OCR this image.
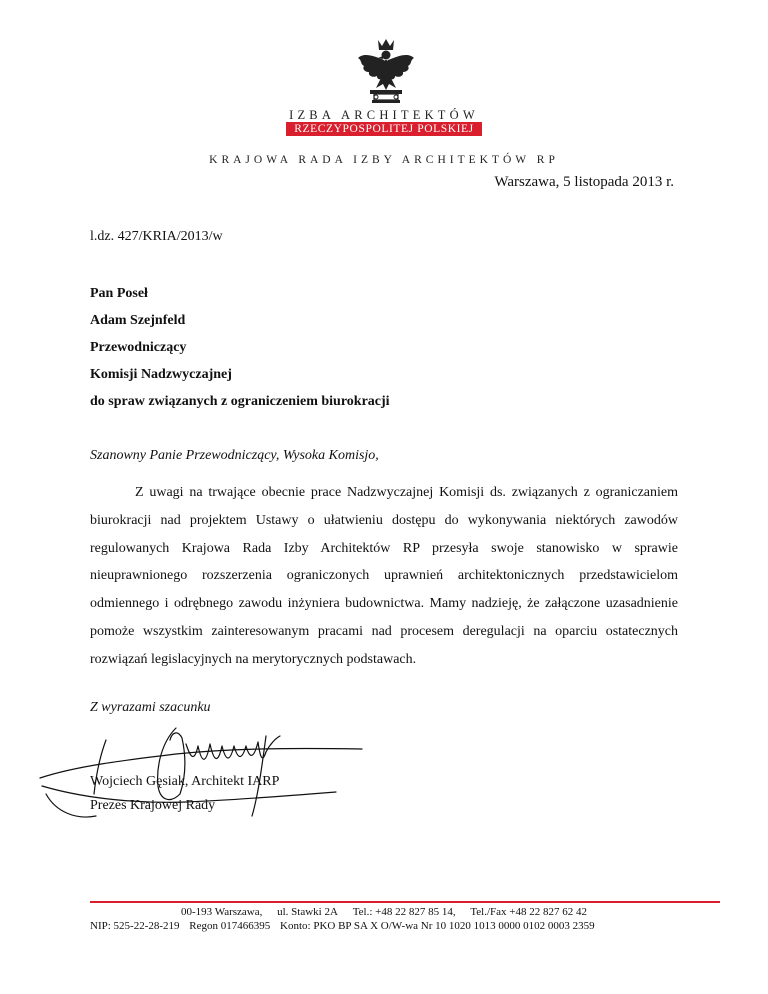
IZBA ARCHITEKTÓW
RZECZYPOSPOLITEJ POLSKIEJ
KRAJOWA RADA IZBY ARCHITEKTÓW RP
Warszawa, 5 listopada 2013 r.
l.dz. 427/KRIA/2013/w
Pan Poseł
Adam Szejnfeld
Przewodniczący
Komisji Nadzwyczajnej
do spraw związanych z ograniczeniem biurokracji
Szanowny Panie Przewodniczący, Wysoka Komisjo,

Z uwagi na trwające obecnie prace Nadzwyczajnej Komisji ds. związanych z ograniczaniem biurokracji nad projektem Ustawy o ułatwieniu dostępu do wykonywania niektórych zawodów regulowanych Krajowa Rada Izby Architektów RP przesyła swoje stanowisko w sprawie nieuprawnionego rozszerzenia ograniczonych uprawnień architektonicznych przedstawicielom odmiennego i odrębnego zawodu inżyniera budownictwa. Mamy nadzieję, że załączone uzasadnienie pomoże wszystkim zainteresowanym pracami nad procesem deregulacji na oparciu ostatecznych rozwiązań legislacyjnych na merytorycznych podstawach.

Z wyrazami szacunku
Wojciech Gęsiak, Architekt IARP
Prezes Krajowej Rady
00-193 Warszawa, ul. Stawki 2A Tel.: +48 22 827 85 14, Tel./Fax +48 22 827 62 42
NIP: 525-22-28-219 Regon 017466395 Konto: PKO BP SA X O/W-wa Nr 10 1020 1013 0000 0102 0003 2359
